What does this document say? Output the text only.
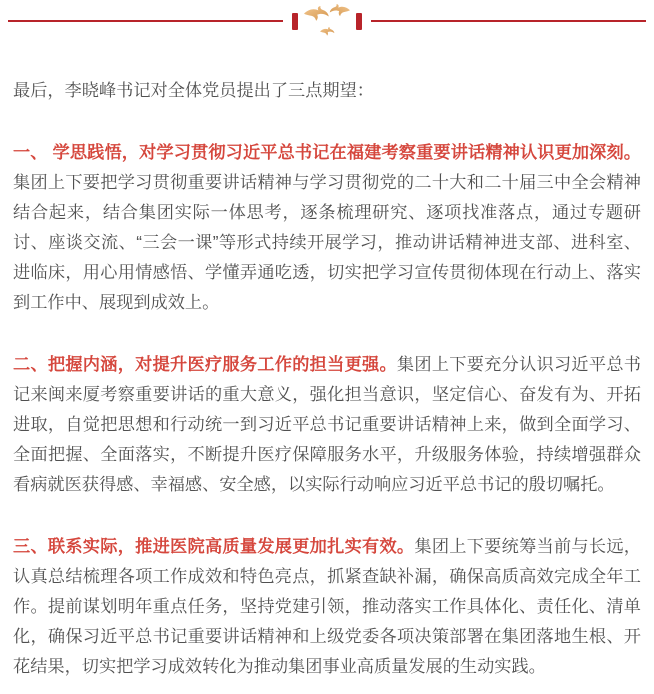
最后，李晓峰书记对全体党员提出了三点期望：

一、 学思践悟，对学习贯彻习近平总书记在福建考察重要讲话精神认识更加深刻。集团上下要把学习贯彻重要讲话精神与学习贯彻党的二十大和二十届三中全会精神结合起来，结合集团实际一体思考，逐条梳理研究、逐项找准落点，通过专题研讨、座谈交流、“三会一课”等形式持续开展学习，推动讲话精神进支部、进科室、进临床，用心用情感悟、学懂弄通吃透，切实把学习宣传贯彻体现在行动上、落实到工作中、展现到成效上。

二、把握内涵，对提升医疗服务工作的担当更强。集团上下要充分认识习近平总书记来闽来厦考察重要讲话的重大意义，强化担当意识，坚定信心、奋发有为、开拓进取，自觉把思想和行动统一到习近平总书记重要讲话精神上来，做到全面学习、全面把握、全面落实，不断提升医疗保障服务水平，升级服务体验，持续增强群众看病就医获得感、幸福感、安全感，以实际行动响应习近平总书记的殷切嘱托。

三、联系实际，推进医院高质量发展更加扎实有效。集团上下要统筹当前与长远，认真总结梳理各项工作成效和特色亮点，抓紧查缺补漏，确保高质高效完成全年工作。提前谋划明年重点任务，坚持党建引领，推动落实工作具体化、责任化、清单化，确保习近平总书记重要讲话精神和上级党委各项决策部署在集团落地生根、开花结果，切实把学习成效转化为推动集团事业高质量发展的生动实践。
